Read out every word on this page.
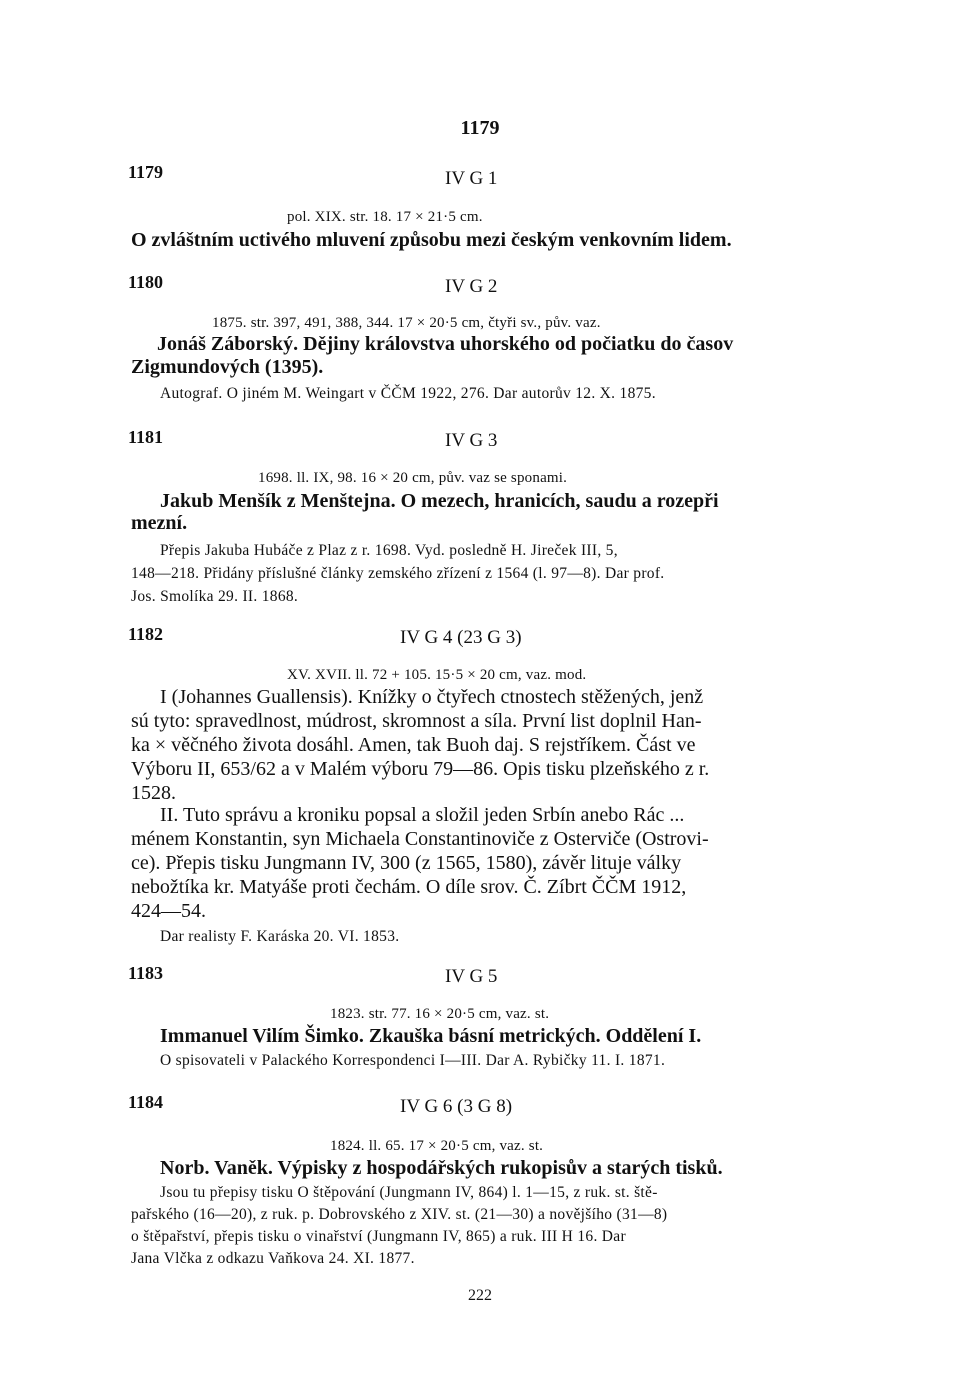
1179
1179	IV G 1
pol. XIX. str. 18. 17 × 21·5 cm.
O zvláštním uctivého mluvení způsobu mezi českým venkovním lidem.
1180	IV G 2
1875. str. 397, 491, 388, 344. 17 × 20·5 cm, čtyři sv., pův. vaz.
Jonáš Záborský. Dějiny královstva uhorského od počiatku do časov
Zigmundových (1395).
Autograf. O jiném M. Weingart v ČČM 1922, 276. Dar autorův 12. X. 1875.
1181	IV G 3
1698. ll. IX, 98. 16 × 20 cm, pův. vaz se sponami.
Jakub Menšík z Menštejna. O mezech, hranicích, saudu a rozepři
mezní.
Přepis Jakuba Hubáče z Plaz z r. 1698. Vyd. posledně H. Jireček III, 5,
148—218. Přidány příslušné články zemského zřízení z 1564 (l. 97—8). Dar prof.
Jos. Smolíka 29. II. 1868.
1182	IV G 4 (23 G 3)
XV. XVII. ll. 72 + 105. 15·5 × 20 cm, vaz. mod.
I (Johannes Guallensis). Knížky o čtyřech ctnostech stěžených, jenž
sú tyto: spravedlnost, múdrost, skromnost a síla. První list doplnil Han-
ka × věčného života dosáhl. Amen, tak Buoh daj. S rejstříkem. Část ve
Výboru II, 653/62 a v Malém výboru 79—86. Opis tisku plzeňského z r.
1528.
II. Tuto správu a kroniku popsal a složil jeden Srbín anebo Rác ...
ménem Konstantin, syn Michaela Constantinoviče z Osterviče (Ostrovi-
ce). Přepis tisku Jungmann IV, 300 (z 1565, 1580), závěr lituje války
nebožtíka kr. Matyáše proti čechám. O díle srov. Č. Zíbrt ČČM 1912,
424—54.
Dar realisty F. Karáska 20. VI. 1853.
1183	IV G 5
1823. str. 77. 16 × 20·5 cm, vaz. st.
Immanuel Vilím Šimko. Zkauška básní metrických. Oddělení I.
O spisovateli v Palackého Korrespondenci I—III. Dar A. Rybičky 11. I. 1871.
1184	IV G 6 (3 G 8)
1824. ll. 65. 17 × 20·5 cm, vaz. st.
Norb. Vaněk. Výpisky z hospodářských rukopisův a starých tisků.
Jsou tu přepisy tisku O štěpování (Jungmann IV, 864) l. 1—15, z ruk. st. ště-
pařského (16—20), z ruk. p. Dobrovského z XIV. st. (21—30) a novějšího (31—8)
o štěpařství, přepis tisku o vinařství (Jungmann IV, 865) a ruk. III H 16. Dar
Jana Vlčka z odkazu Vaňkova 24. XI. 1877.
222
